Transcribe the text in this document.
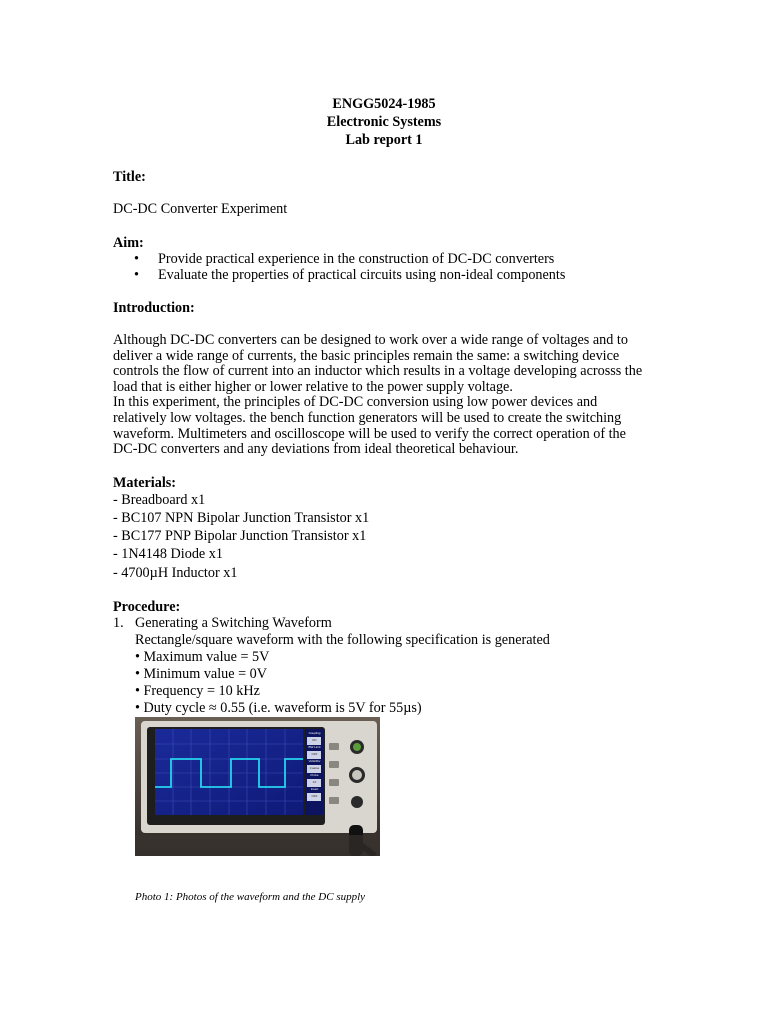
ENGG5024-1985
Electronic Systems
Lab report 1
Title:
DC-DC Converter Experiment
Aim:
• Provide practical experience in the construction of DC-DC converters
• Evaluate the properties of practical circuits using non-ideal components
Introduction:
Although DC-DC converters can be designed to work over a wide range of voltages and to
deliver a wide range of currents, the basic principles remain the same: a switching device
controls the flow of current into an inductor which results in a voltage developing acrosss the
load that is either higher or lower relative to the power supply voltage.
In this experiment, the principles of DC-DC conversion using low power devices and
relatively low voltages. the bench function generators will be used to create the switching
waveform. Multimeters and oscilloscope will be used to verify the correct operation of the
DC-DC converters and any deviations from ideal theoretical behaviour.
Materials:
- Breadboard x1
- BC107 NPN Bipolar Junction Transistor x1
- BC177 PNP Bipolar Junction Transistor x1
- 1N4148 Diode x1
- 4700µH Inductor x1
Procedure:
1. Generating a Switching Waveform
Rectangle/square waveform with the following specification is generated
• Maximum value = 5V
• Minimum value = 0V
• Frequency = 10 kHz
• Duty cycle ≈ 0.55 (i.e. waveform is 5V for 55µs)
Coupling
DC
BW Limit
OFF
Volts/Div
Coarse
Probe
1X
Invert
OFF
Photo 1: Photos of the waveform and the DC supply
